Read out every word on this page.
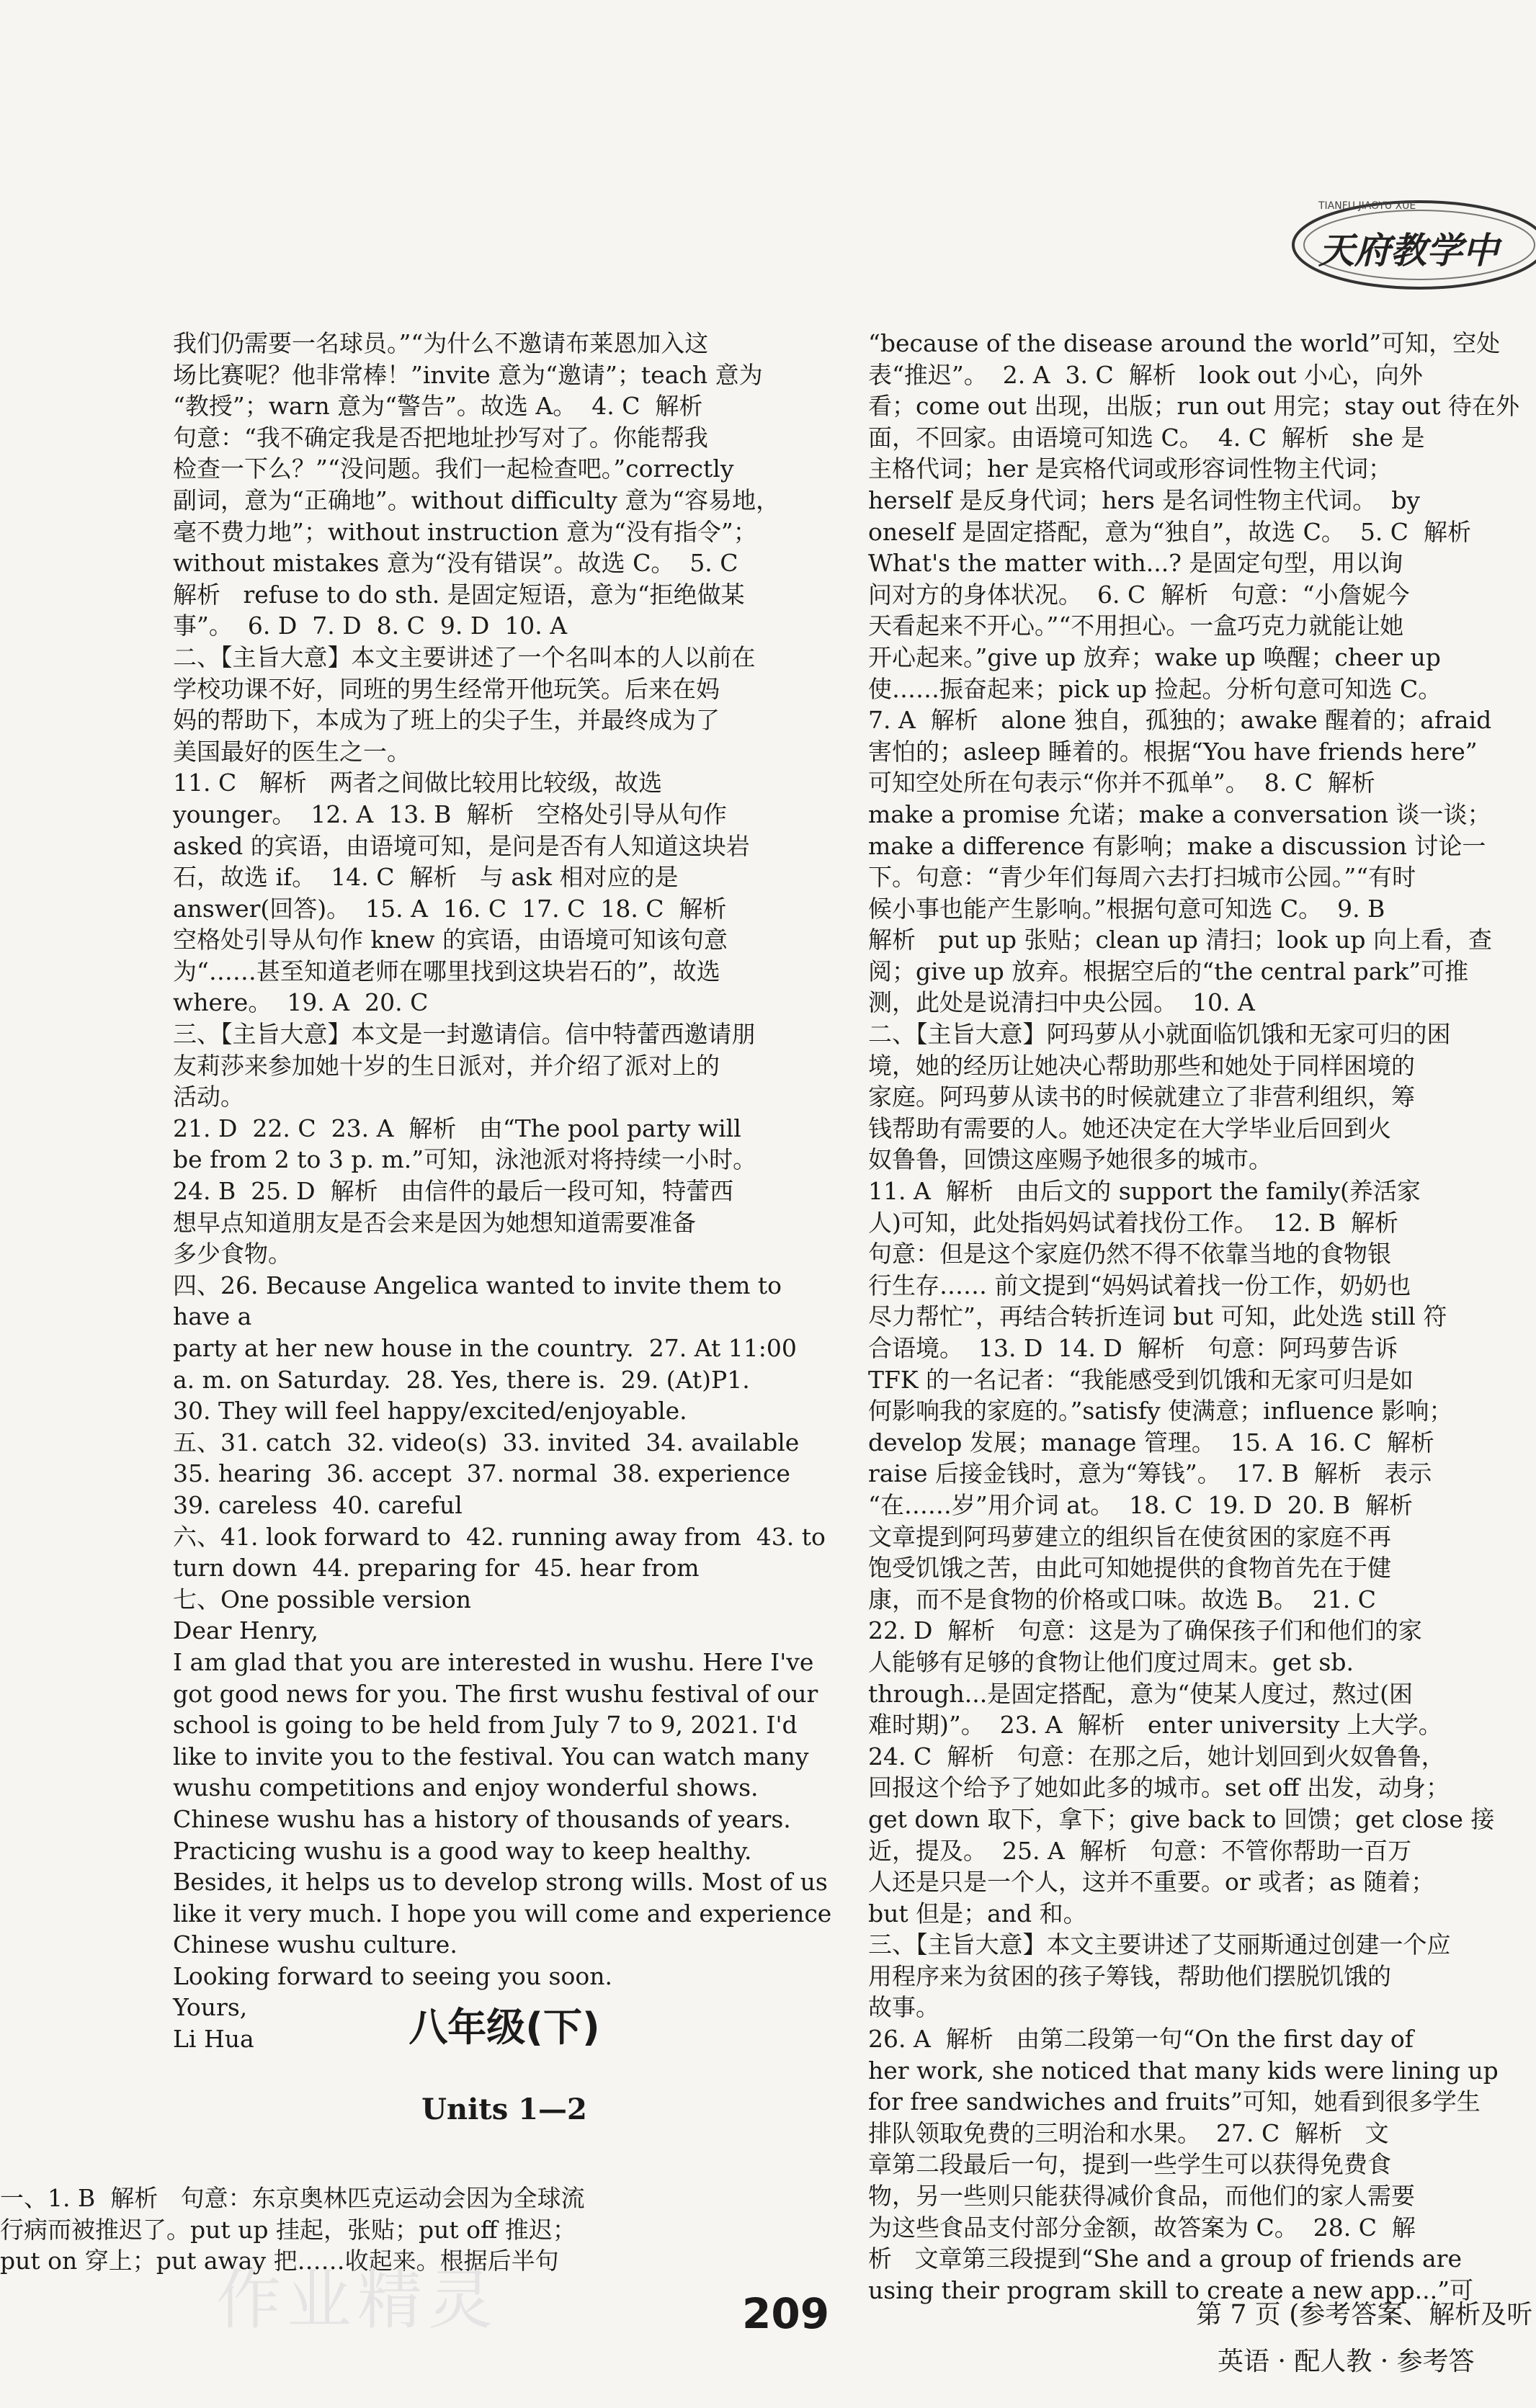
天府教学中
TIANFU JIAOYU XUE
我们仍需要一名球员。”“为什么不邀请布莱恩加入这
场比赛呢？他非常棒！”invite 意为“邀请”；teach 意为
“教授”；warn 意为“警告”。故选 A。  4. C  解析
句意：“我不确定我是否把地址抄写对了。你能帮我
检查一下么？”“没问题。我们一起检查吧。”correctly
副词，意为“正确地”。without difficulty 意为“容易地，
毫不费力地”；without instruction 意为“没有指令”；
without mistakes 意为“没有错误”。故选 C。  5. C
解析   refuse to do sth. 是固定短语，意为“拒绝做某
事”。  6. D  7. D  8. C  9. D  10. A
二、【主旨大意】本文主要讲述了一个名叫本的人以前在
学校功课不好，同班的男生经常开他玩笑。后来在妈
妈的帮助下，本成为了班上的尖子生，并最终成为了
美国最好的医生之一。
11. C   解析   两者之间做比较用比较级，故选
younger。  12. A  13. B  解析   空格处引导从句作
asked 的宾语，由语境可知，是问是否有人知道这块岩
石，故选 if。  14. C  解析   与 ask 相对应的是
answer(回答)。  15. A  16. C  17. C  18. C  解析
空格处引导从句作 knew 的宾语，由语境可知该句意
为“……甚至知道老师在哪里找到这块岩石的”，故选
where。  19. A  20. C
三、【主旨大意】本文是一封邀请信。信中特蕾西邀请朋
友莉莎来参加她十岁的生日派对，并介绍了派对上的
活动。
21. D  22. C  23. A  解析   由“The pool party will
be from 2 to 3 p. m.”可知，泳池派对将持续一小时。
24. B  25. D  解析   由信件的最后一段可知，特蕾西
想早点知道朋友是否会来是因为她想知道需要准备
多少食物。
四、26. Because Angelica wanted to invite them to have a
party at her new house in the country.  27. At 11:00
a. m. on Saturday.  28. Yes, there is.  29. (At)P1.
30. They will feel happy/excited/enjoyable.
五、31. catch  32. video(s)  33. invited  34. available
35. hearing  36. accept  37. normal  38. experience
39. careless  40. careful
六、41. look forward to  42. running away from  43. to
turn down  44. preparing for  45. hear from
七、One possible version
Dear Henry,
I am glad that you are interested in wushu. Here I've
got good news for you. The first wushu festival of our
school is going to be held from July 7 to 9, 2021. I'd
like to invite you to the festival. You can watch many
wushu competitions and enjoy wonderful shows.
Chinese wushu has a history of thousands of years.
Practicing wushu is a good way to keep healthy.
Besides, it helps us to develop strong wills. Most of us
like it very much. I hope you will come and experience
Chinese wushu culture.
Looking forward to seeing you soon.
Yours,
Li Hua	八年级(下)
Units 1—2
一、1. B  解析   句意：东京奥林匹克运动会因为全球流
行病而被推迟了。put up 挂起，张贴；put off 推迟；
put on 穿上；put away 把……收起来。根据后半句
“because of the disease around the world”可知，空处
表“推迟”。  2. A  3. C  解析   look out 小心，向外
看；come out 出现，出版；run out 用完；stay out 待在外
面，不回家。由语境可知选 C。  4. C  解析   she 是
主格代词；her 是宾格代词或形容词性物主代词；
herself 是反身代词；hers 是名词性物主代词。  by
oneself 是固定搭配，意为“独自”，故选 C。  5. C  解析
What's the matter with...? 是固定句型，用以询
问对方的身体状况。  6. C  解析   句意：“小詹妮今
天看起来不开心。”“不用担心。一盒巧克力就能让她
开心起来。”give up 放弃；wake up 唤醒；cheer up
使……振奋起来；pick up 捡起。分析句意可知选 C。
7. A  解析   alone 独自，孤独的；awake 醒着的；afraid
害怕的；asleep 睡着的。根据“You have friends here”
可知空处所在句表示“你并不孤单”。  8. C  解析
make a promise 允诺；make a conversation 谈一谈；
make a difference 有影响；make a discussion 讨论一
下。句意：“青少年们每周六去打扫城市公园。”“有时
候小事也能产生影响。”根据句意可知选 C。  9. B
解析   put up 张贴；clean up 清扫；look up 向上看，查
阅；give up 放弃。根据空后的“the central park”可推
测，此处是说清扫中央公园。  10. A
二、【主旨大意】阿玛萝从小就面临饥饿和无家可归的困
境，她的经历让她决心帮助那些和她处于同样困境的
家庭。阿玛萝从读书的时候就建立了非营利组织，筹
钱帮助有需要的人。她还决定在大学毕业后回到火
奴鲁鲁，回馈这座赐予她很多的城市。
11. A  解析   由后文的 support the family(养活家
人)可知，此处指妈妈试着找份工作。  12. B  解析
句意：但是这个家庭仍然不得不依靠当地的食物银
行生存…… 前文提到“妈妈试着找一份工作，奶奶也
尽力帮忙”，再结合转折连词 but 可知，此处选 still 符
合语境。  13. D  14. D  解析   句意：阿玛萝告诉
TFK 的一名记者：“我能感受到饥饿和无家可归是如
何影响我的家庭的。”satisfy 使满意；influence 影响；
develop 发展；manage 管理。  15. A  16. C  解析
raise 后接金钱时，意为“筹钱”。  17. B  解析   表示
“在……岁”用介词 at。  18. C  19. D  20. B  解析
文章提到阿玛萝建立的组织旨在使贫困的家庭不再
饱受饥饿之苦，由此可知她提供的食物首先在于健
康，而不是食物的价格或口味。故选 B。  21. C
22. D  解析   句意：这是为了确保孩子们和他们的家
人能够有足够的食物让他们度过周末。get sb.
through...是固定搭配，意为“使某人度过，熬过(困
难时期)”。  23. A  解析   enter university 上大学。
24. C  解析   句意：在那之后，她计划回到火奴鲁鲁，
回报这个给予了她如此多的城市。set off 出发，动身；
get down 取下，拿下；give back to 回馈；get close 接
近，提及。  25. A  解析   句意：不管你帮助一百万
人还是只是一个人，这并不重要。or 或者；as 随着；
but 但是；and 和。
三、【主旨大意】本文主要讲述了艾丽斯通过创建一个应
用程序来为贫困的孩子筹钱，帮助他们摆脱饥饿的
故事。
26. A  解析   由第二段第一句“On the first day of
her work, she noticed that many kids were lining up
for free sandwiches and fruits”可知，她看到很多学生
排队领取免费的三明治和水果。  27. C  解析   文
章第二段最后一句，提到一些学生可以获得免费食
物，另一些则只能获得减价食品，而他们的家人需要
为这些食品支付部分金额，故答案为 C。  28. C  解
析   文章第三段提到“She and a group of friends are
using their program skill to create a new app...”可
作业精灵	209	第 7 页 (参考答案、解析及听
英语 · 配人教 · 参考答
